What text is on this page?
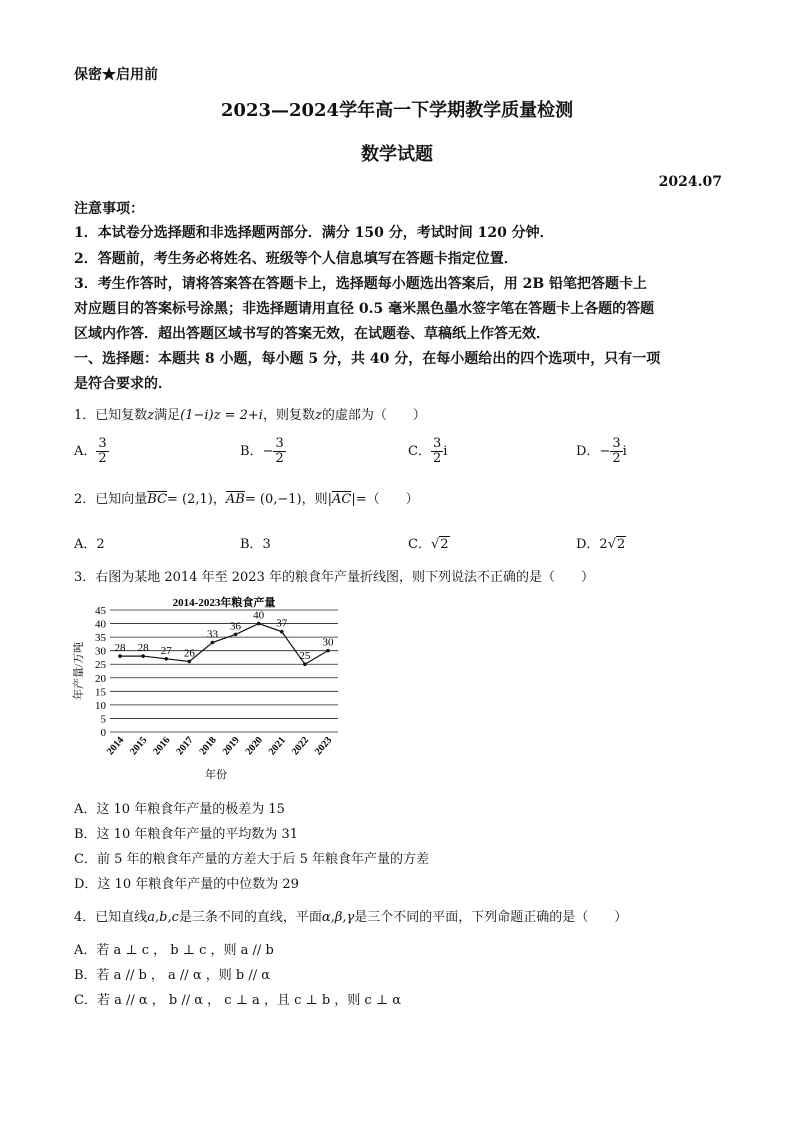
保密★启用前
2023—2024学年高一下学期教学质量检测
数学试题
2024.07
注意事项：
1．本试卷分选择题和非选择题两部分．满分 150 分，考试时间 120 分钟．
2．答题前，考生务必将姓名、班级等个人信息填写在答题卡指定位置．
3．考生作答时，请将答案答在答题卡上，选择题每小题选出答案后，用 2B 铅笔把答题卡上
对应题目的答案标号涂黑；非选择题请用直径 0.5 毫米黑色墨水签字笔在答题卡上各题的答题
区域内作答．超出答题区域书写的答案无效，在试题卷、草稿纸上作答无效．
一、选择题：本题共 8 小题，每小题 5 分，共 40 分，在每小题给出的四个选项中，只有一项
是符合要求的．
1．已知复数z满足(1−i)z = 2+i，则复数z的虚部为（　　）
A． $\frac{3}{2}$	B．− $\frac{3}{2}$	C． $\frac{3}{2}$ i	D．− $\frac{3}{2}$ i
2．已知向量$\overline{BC}= (2,1)$，$\overline{AB}= (0,-1)$，则$|\overline{AC}|=$（　　）
A．2	B．3	C．√2	D．2√2
3．右图为某地 2014 年至 2023 年的粮食年产量折线图，则下列说法不正确的是（　　）
2014-2023年粮食产量
0
5
10
15
20
25
30
35
40
45
年产量/万吨
2014 2015 2016 2017 2018 2019 2020 2021 2022 2023
年份
28 28 27 26
33
36
40
37
25
30
A．这 10 年粮食年产量的极差为 15
B．这 10 年粮食年产量的平均数为 31
C．前 5 年的粮食年产量的方差大于后 5 年粮食年产量的方差
D．这 10 年粮食年产量的中位数为 29
4．已知直线a,b,c是三条不同的直线，平面α,β,γ是三个不同的平面，下列命题正确的是（　　）
A．若 a ⊥ c ， b ⊥ c ，则 a // b
B．若 a // b ， a // α ，则 b // α
C．若 a // α ， b // α ， c ⊥ a ，且 c ⊥ b ，则 c ⊥ α
